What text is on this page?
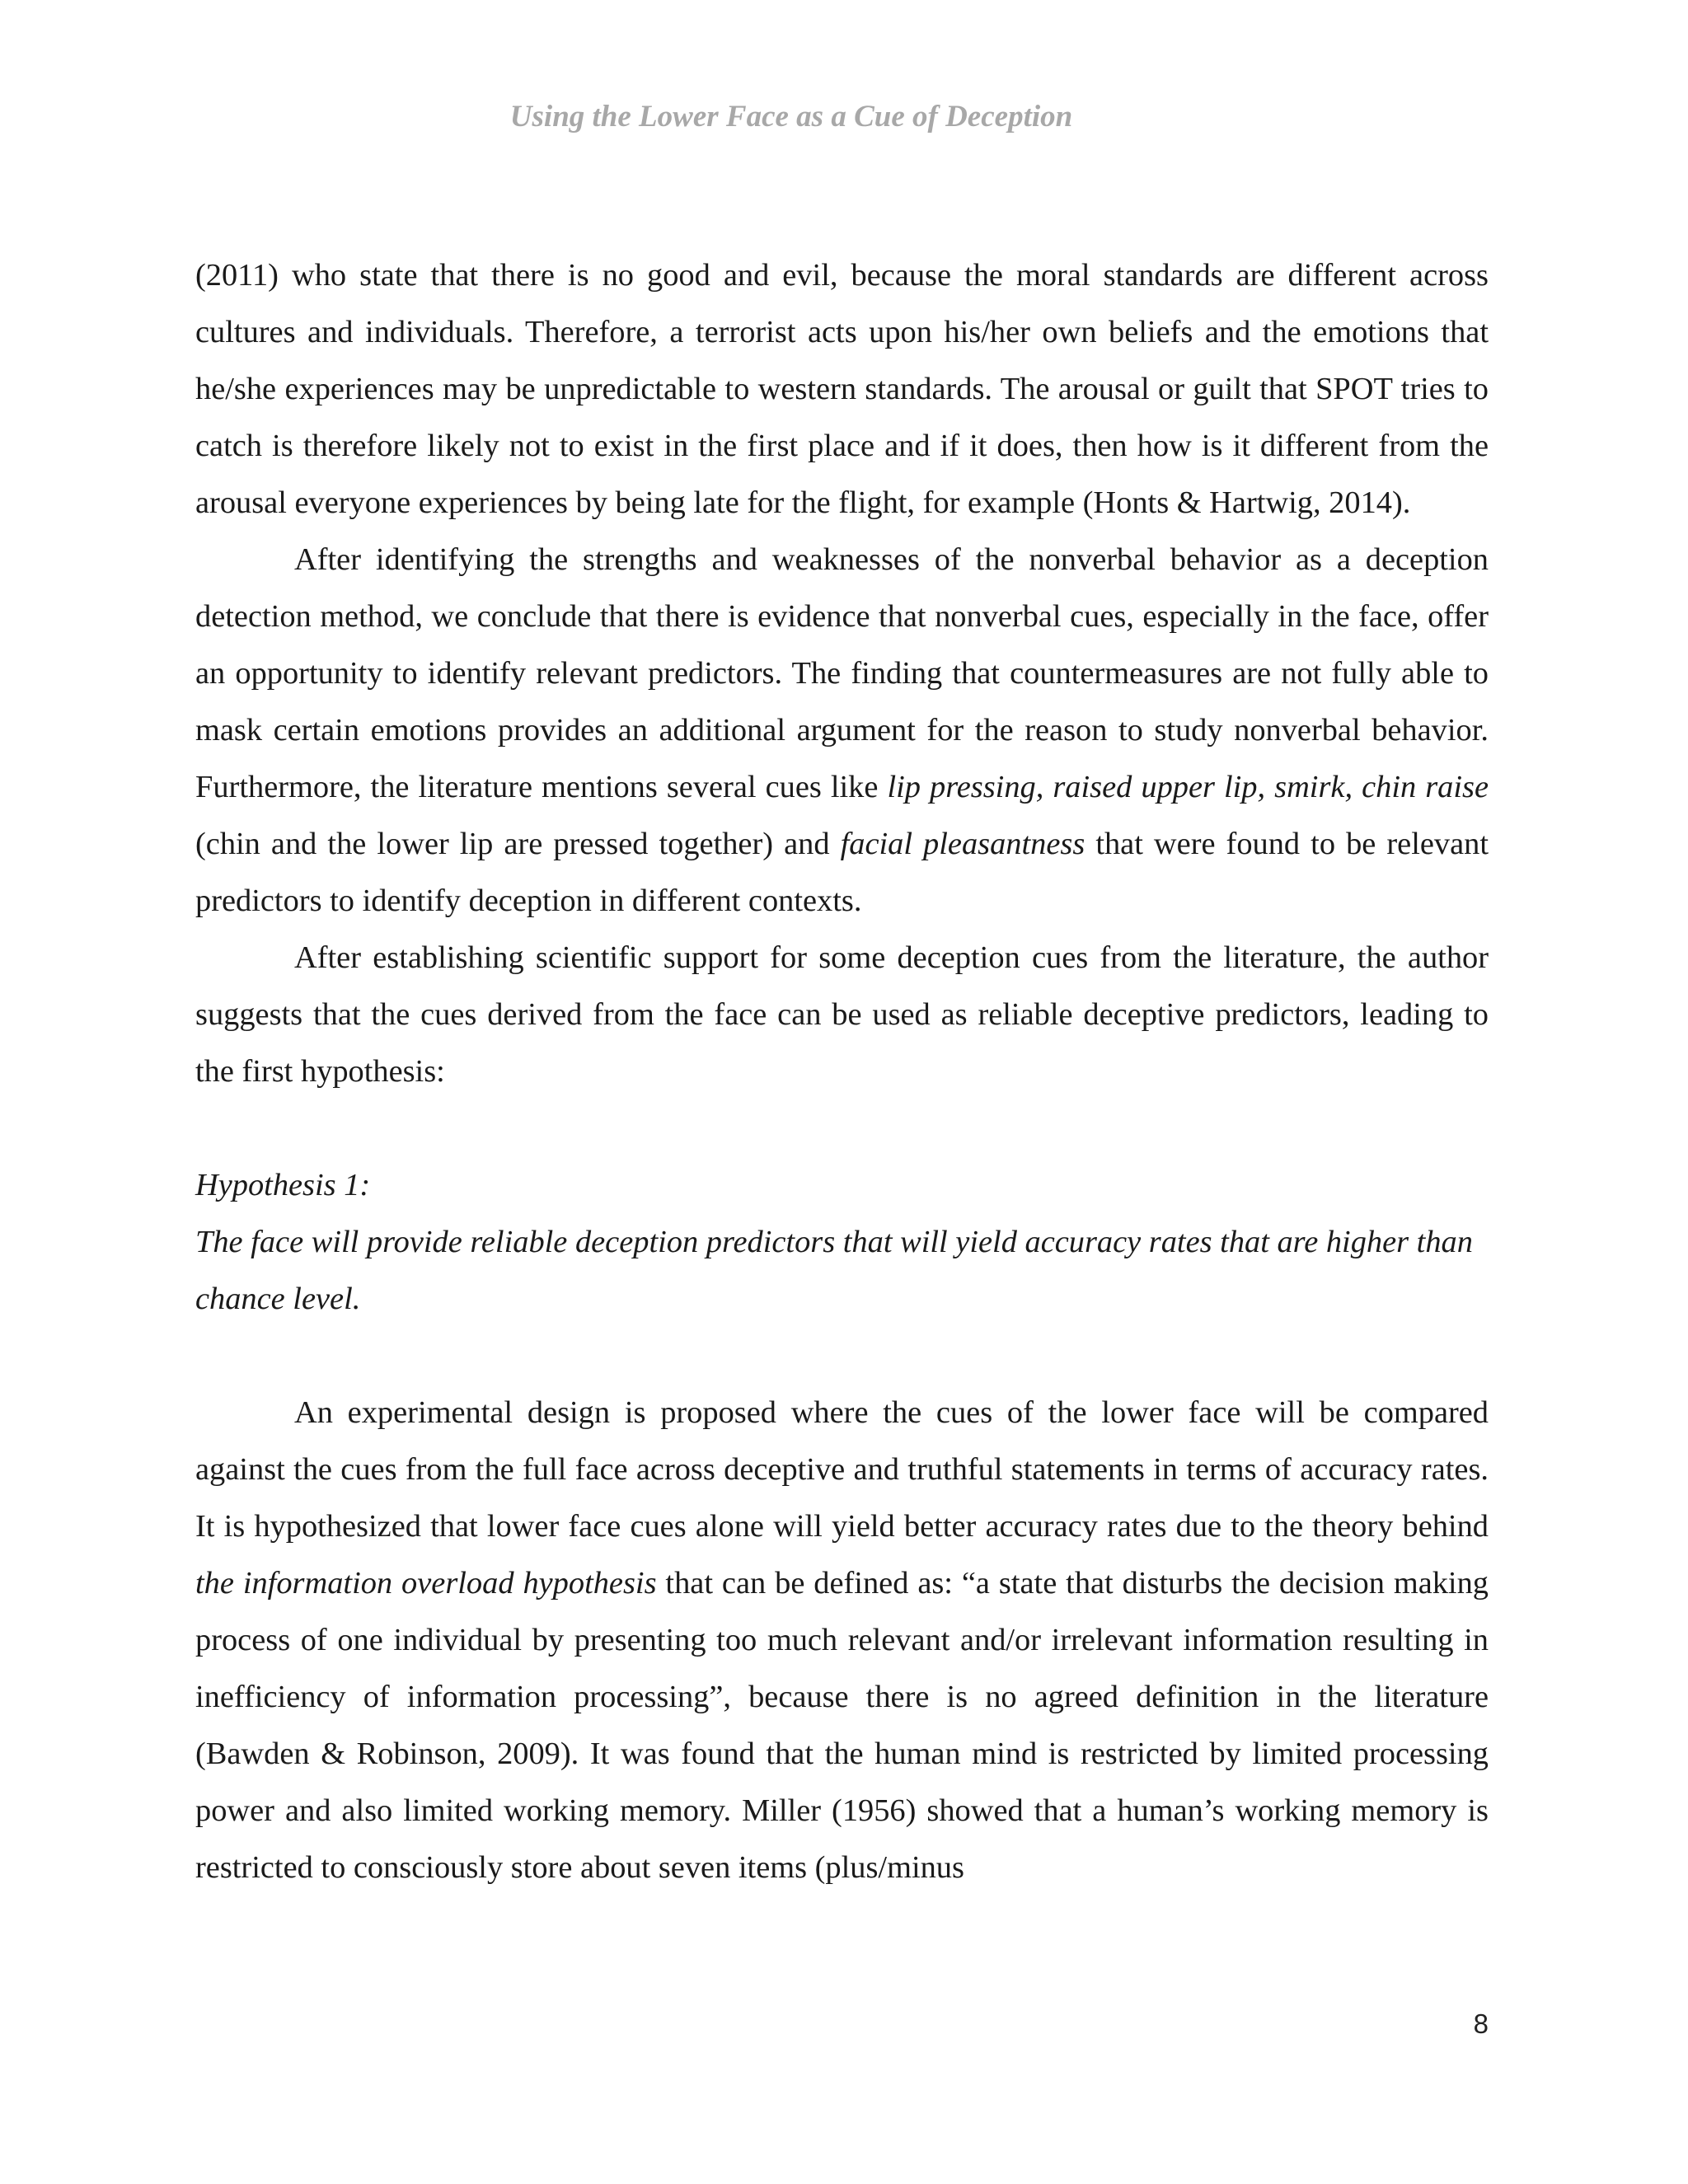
Using the Lower Face as a Cue of Deception

(2011) who state that there is no good and evil, because the moral standards are different across cultures and individuals. Therefore, a terrorist acts upon his/her own beliefs and the emotions that he/she experiences may be unpredictable to western standards. The arousal or guilt that SPOT tries to catch is therefore likely not to exist in the first place and if it does, then how is it different from the arousal everyone experiences by being late for the flight, for example (Honts & Hartwig, 2014).

After identifying the strengths and weaknesses of the nonverbal behavior as a deception detection method, we conclude that there is evidence that nonverbal cues, especially in the face, offer an opportunity to identify relevant predictors. The finding that countermeasures are not fully able to mask certain emotions provides an additional argument for the reason to study nonverbal behavior. Furthermore, the literature mentions several cues like lip pressing, raised upper lip, smirk, chin raise (chin and the lower lip are pressed together) and facial pleasantness that were found to be relevant predictors to identify deception in different contexts.

After establishing scientific support for some deception cues from the literature, the author suggests that the cues derived from the face can be used as reliable deceptive predictors, leading to the first hypothesis:

Hypothesis 1:

The face will provide reliable deception predictors that will yield accuracy rates that are higher than chance level.

An experimental design is proposed where the cues of the lower face will be compared against the cues from the full face across deceptive and truthful statements in terms of accuracy rates. It is hypothesized that lower face cues alone will yield better accuracy rates due to the theory behind the information overload hypothesis that can be defined as: “a state that disturbs the decision making process of one individual by presenting too much relevant and/or irrelevant information resulting in inefficiency of information processing”, because there is no agreed definition in the literature (Bawden & Robinson, 2009). It was found that the human mind is restricted by limited processing power and also limited working memory. Miller (1956) showed that a human’s working memory is restricted to consciously store about seven items (plus/minus

8
